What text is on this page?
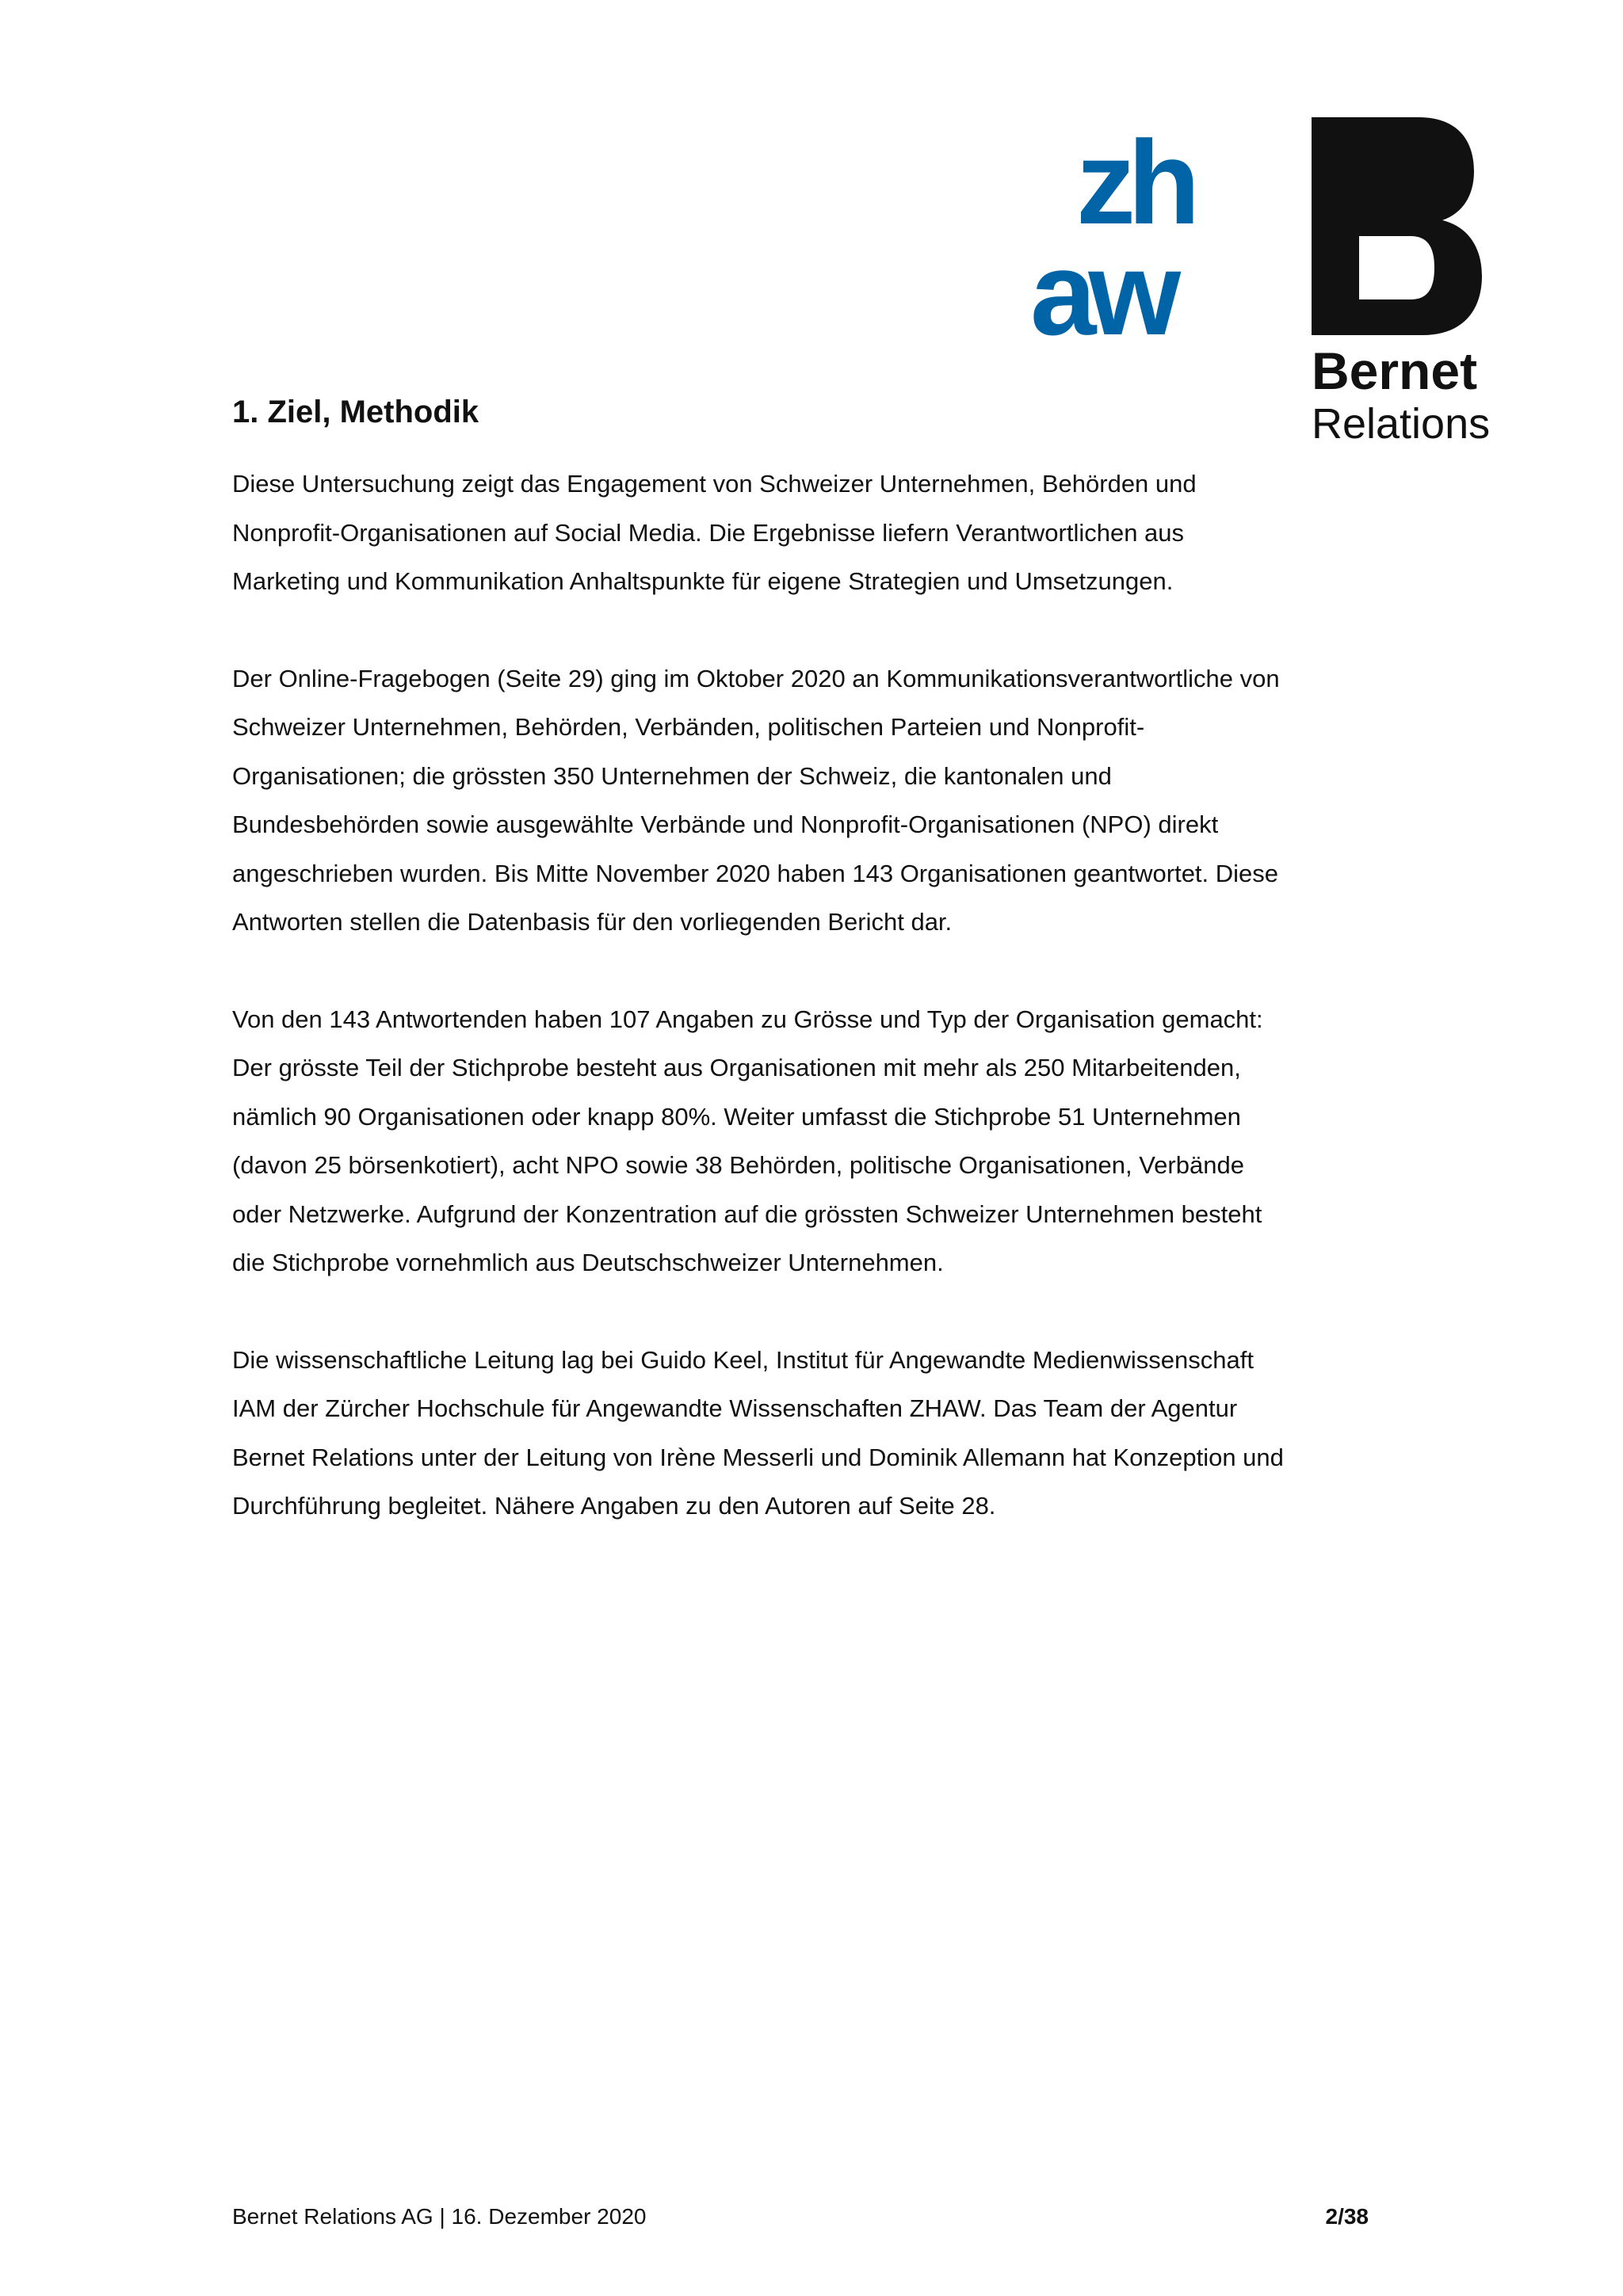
zh
aw
Bernet
Relations
1. Ziel, Methodik

Diese Untersuchung zeigt das Engagement von Schweizer Unternehmen, Behörden und Nonprofit-Organisationen auf Social Media. Die Ergebnisse liefern Verantwortlichen aus Marketing und Kommunikation Anhaltspunkte für eigene Strategien und Umsetzungen.

Der Online-Fragebogen (Seite 29) ging im Oktober 2020 an Kommunikationsverantwortliche von Schweizer Unternehmen, Behörden, Verbänden, politischen Parteien und Nonprofit-Organisationen; die grössten 350 Unternehmen der Schweiz, die kantonalen und Bundesbehörden sowie ausgewählte Verbände und Nonprofit-Organisationen (NPO) direkt angeschrieben wurden. Bis Mitte November 2020 haben 143 Organisationen geantwortet. Diese Antworten stellen die Datenbasis für den vorliegenden Bericht dar.

Von den 143 Antwortenden haben 107 Angaben zu Grösse und Typ der Organisation gemacht: Der grösste Teil der Stichprobe besteht aus Organisationen mit mehr als 250 Mitarbeitenden, nämlich 90 Organisationen oder knapp 80%. Weiter umfasst die Stichprobe 51 Unternehmen (davon 25 börsenkotiert), acht NPO sowie 38 Behörden, politische Organisationen, Verbände oder Netzwerke. Aufgrund der Konzentration auf die grössten Schweizer Unternehmen besteht die Stichprobe vornehmlich aus Deutschschweizer Unternehmen.

Die wissenschaftliche Leitung lag bei Guido Keel, Institut für Angewandte Medienwissenschaft IAM der Zürcher Hochschule für Angewandte Wissenschaften ZHAW. Das Team der Agentur Bernet Relations unter der Leitung von Irène Messerli und Dominik Allemann hat Konzeption und Durchführung begleitet. Nähere Angaben zu den Autoren auf Seite 28.

Bernet Relations AG | 16. Dezember 2020	2/38
